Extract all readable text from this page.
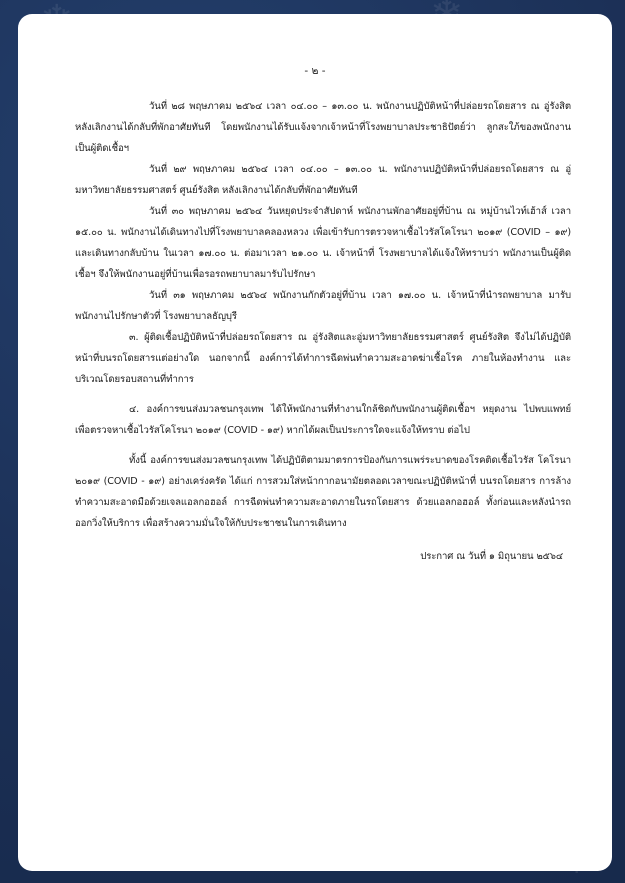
- ๒ -

วันที่ ๒๘ พฤษภาคม ๒๕๖๔ เวลา ๐๔.๐๐ – ๑๓.๐๐ น. พนักงานปฏิบัติหน้าที่ปล่อยรถโดยสาร ณ อู่รังสิต หลังเลิกงานได้กลับที่พักอาศัยทันที โดยพนักงานได้รับแจ้งจากเจ้าหน้าที่โรงพยาบาลประชาธิปัตย์ว่า ลูกสะใภ้ของพนักงานเป็นผู้ติดเชื้อฯ

วันที่ ๒๙ พฤษภาคม ๒๕๖๔ เวลา ๐๔.๐๐ – ๑๓.๐๐ น. พนักงานปฏิบัติหน้าที่ปล่อยรถโดยสาร ณ อู่มหาวิทยาลัยธรรมศาสตร์ ศูนย์รังสิต หลังเลิกงานได้กลับที่พักอาศัยทันที

วันที่ ๓๐ พฤษภาคม ๒๕๖๔ วันหยุดประจำสัปดาห์ พนักงานพักอาศัยอยู่ที่บ้าน ณ หมู่บ้านไวท์เฮ้าส์ เวลา ๑๕.๐๐ น. พนักงานได้เดินทางไปที่โรงพยาบาลคลองหลวง เพื่อเข้ารับการตรวจหาเชื้อไวรัสโคโรนา ๒๐๑๙ (COVID – ๑๙) และเดินทางกลับบ้าน ในเวลา ๑๗.๐๐ น. ต่อมาเวลา ๒๑.๐๐ น. เจ้าหน้าที่ โรงพยาบาลได้แจ้งให้ทราบว่า พนักงานเป็นผู้ติดเชื้อฯ จึงให้พนักงานอยู่ที่บ้านเพื่อรอรถพยาบาลมารับไปรักษา

วันที่ ๓๑ พฤษภาคม ๒๕๖๔ พนักงานกักตัวอยู่ที่บ้าน เวลา ๑๗.๐๐ น. เจ้าหน้าที่นำรถพยาบาล มารับพนักงานไปรักษาตัวที่ โรงพยาบาลธัญบุรี

๓. ผู้ติดเชื้อปฏิบัติหน้าที่ปล่อยรถโดยสาร ณ อู่รังสิตและอู่มหาวิทยาลัยธรรมศาสตร์ ศูนย์รังสิต จึงไม่ได้ปฏิบัติหน้าที่บนรถโดยสารแต่อย่างใด นอกจากนี้ องค์การได้ทำการฉีดพ่นทำความสะอาดฆ่าเชื้อโรค ภายในห้องทำงาน และบริเวณโดยรอบสถานที่ทำการ

๔. องค์การขนส่งมวลชนกรุงเทพ ได้ให้พนักงานที่ทำงานใกล้ชิดกับพนักงานผู้ติดเชื้อฯ หยุดงาน ไปพบแพทย์ เพื่อตรวจหาเชื้อไวรัสโคโรนา ๒๐๑๙ (COVID - ๑๙) หากได้ผลเป็นประการใดจะแจ้งให้ทราบ ต่อไป

ทั้งนี้ องค์การขนส่งมวลชนกรุงเทพ ได้ปฏิบัติตามมาตรการป้องกันการแพร่ระบาดของโรคติดเชื้อไวรัส โคโรนา ๒๐๑๙ (COVID - ๑๙) อย่างเคร่งครัด ได้แก่ การสวมใส่หน้ากากอนามัยตลอดเวลาขณะปฏิบัติหน้าที่ บนรถโดยสาร การล้างทำความสะอาดมือด้วยเจลแอลกอฮอล์ การฉีดพ่นทำความสะอาดภายในรถโดยสาร ด้วยแอลกอฮอล์ ทั้งก่อนและหลังนำรถออกวิ่งให้บริการ เพื่อสร้างความมั่นใจให้กับประชาชนในการเดินทาง

ประกาศ ณ วันที่ ๑ มิถุนายน ๒๕๖๔
